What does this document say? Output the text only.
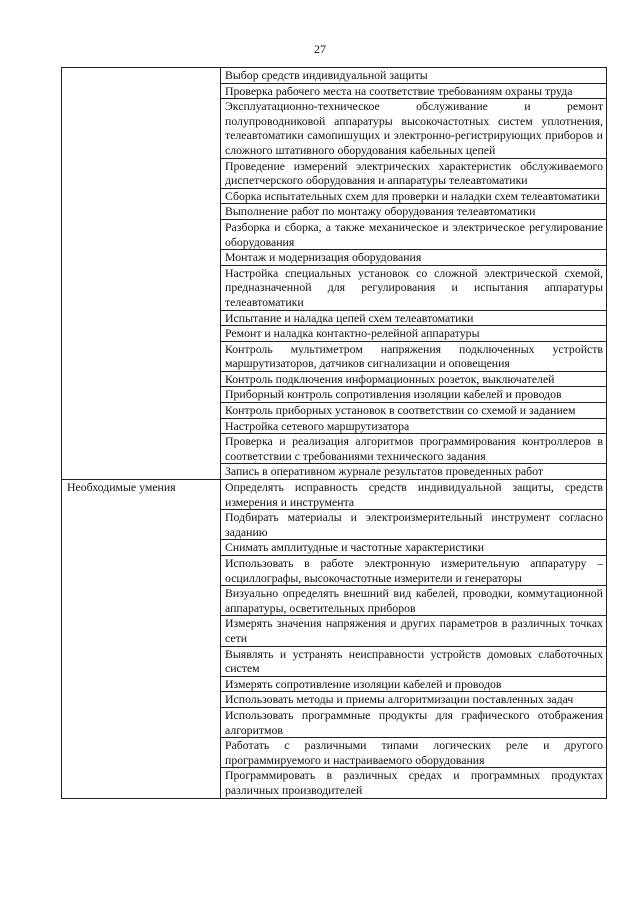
27
	Выбор средств индивидуальной защиты
	Проверка рабочего места на соответствие требованиям охраны труда
	Эксплуатационно-техническое обслуживание и ремонт полупроводниковой аппаратуры высокочастотных систем уплотнения, телеавтоматики самопишущих и электронно-регистрирующих приборов и сложного штативного оборудования кабельных цепей
	Проведение измерений электрических характеристик обслуживаемого диспетчерского оборудования и аппаратуры телеавтоматики
	Сборка испытательных схем для проверки и наладки схем телеавтоматики
	Выполнение работ по монтажу оборудования телеавтоматики
	Разборка и сборка, а также механическое и электрическое регулирование оборудования
	Монтаж и модернизация оборудования
	Настройка специальных установок со сложной электрической схемой, предназначенной для регулирования и испытания аппаратуры телеавтоматики
	Испытание и наладка цепей схем телеавтоматики
	Ремонт и наладка контактно-релейной аппаратуры
	Контроль мультиметром напряжения подключенных устройств маршрутизаторов, датчиков сигнализации и оповещения
	Контроль подключения информационных розеток, выключателей
	Приборный контроль сопротивления изоляции кабелей и проводов
	Контроль приборных установок в соответствии со схемой и заданием
	Настройка сетевого маршрутизатора
	Проверка и реализация алгоритмов программирования контроллеров в соответствии с требованиями технического задания
	Запись в оперативном журнале результатов проведенных работ
Необходимые умения	Определять исправность средств индивидуальной защиты, средств измерения и инструмента
	Подбирать материалы и электроизмерительный инструмент согласно заданию
	Снимать амплитудные и частотные характеристики
	Использовать в работе электронную измерительную аппаратуру – осциллографы, высокочастотные измерители и генераторы
	Визуально определять внешний вид кабелей, проводки, коммутационной аппаратуры, осветительных приборов
	Измерять значения напряжения и других параметров в различных точках сети
	Выявлять и устранять неисправности устройств домовых слаботочных систем
	Измерять сопротивление изоляции кабелей и проводов
	Использовать методы и приемы алгоритмизации поставленных задач
	Использовать программные продукты для графического отображения алгоритмов
	Работать с различными типами логических реле и другого программируемого и настраиваемого оборудования
	Программировать в различных средах и программных продуктах различных производителей
